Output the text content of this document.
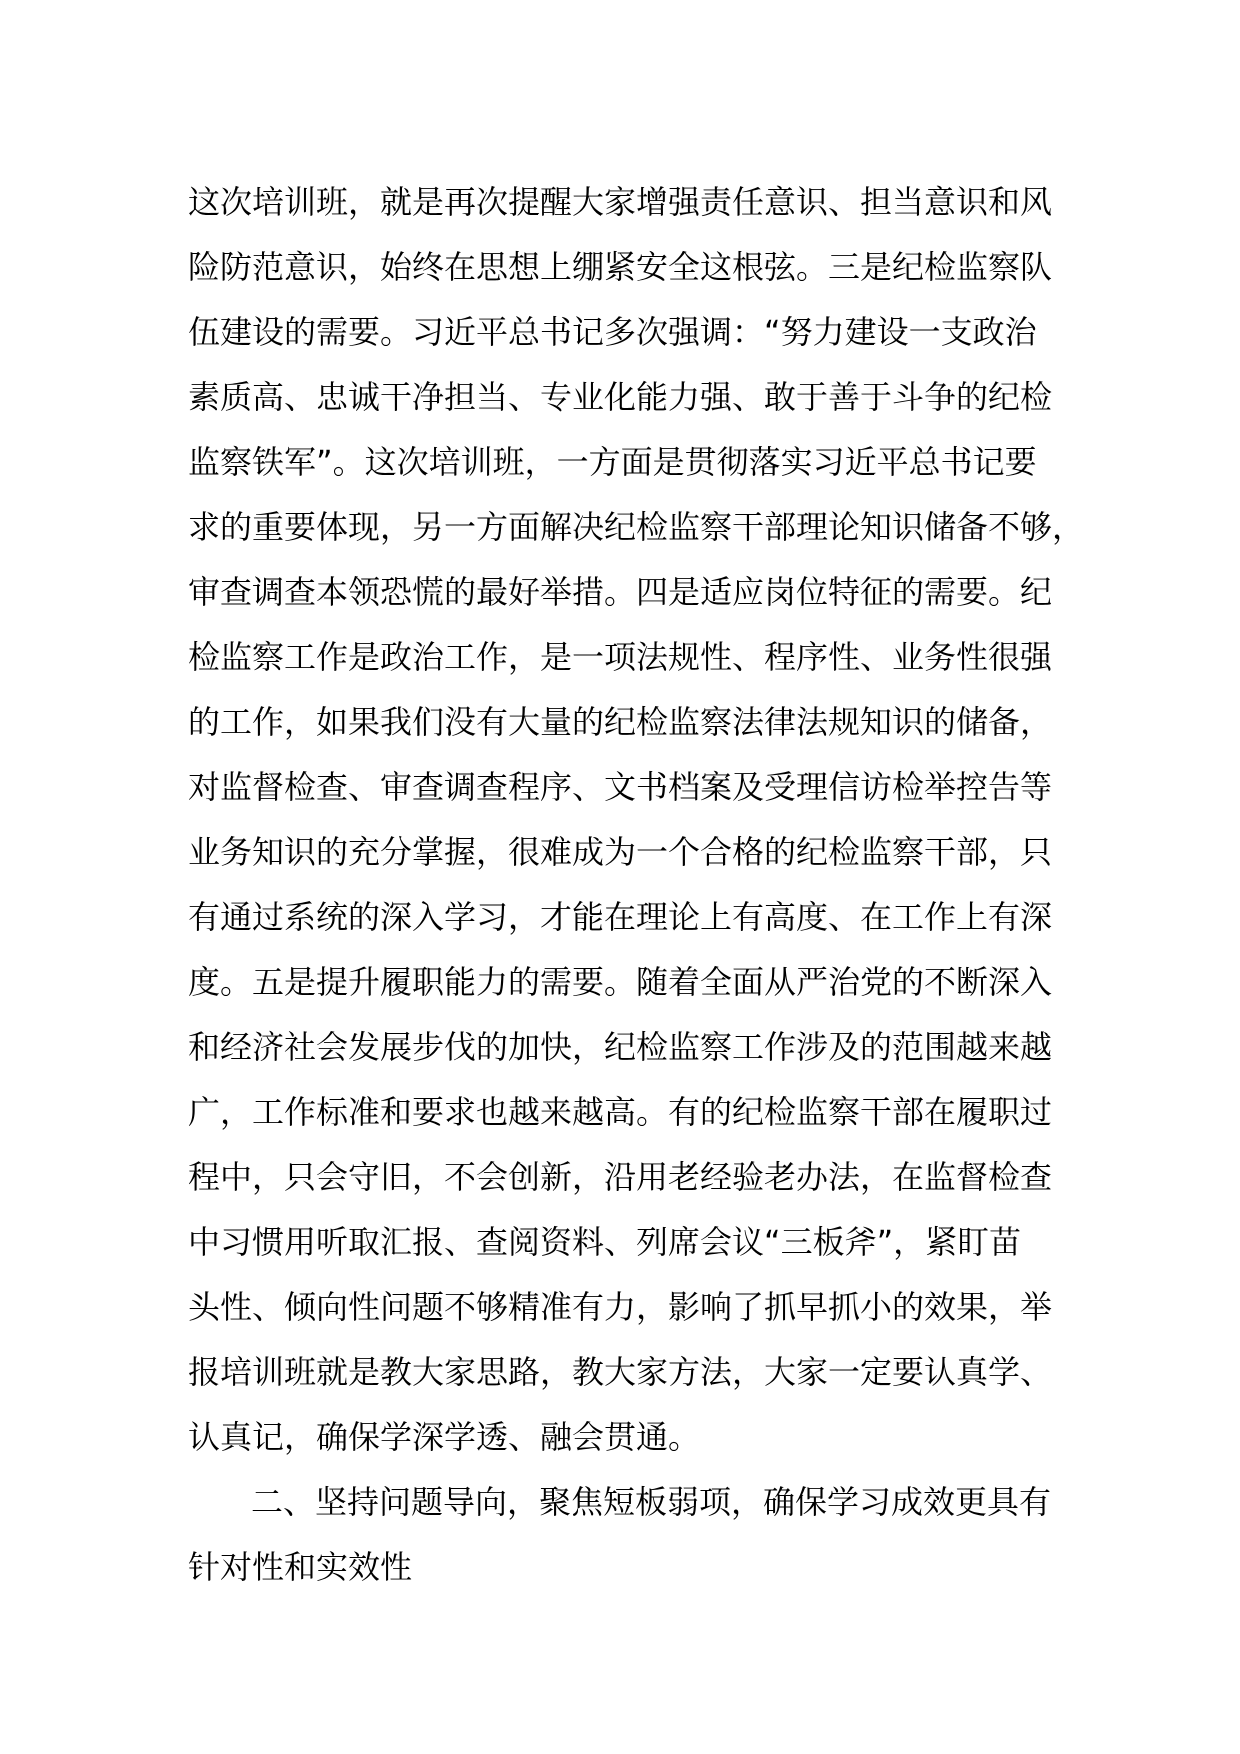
这次培训班，就是再次提醒大家增强责任意识、担当意识和风
险防范意识，始终在思想上绷紧安全这根弦。三是纪检监察队
伍建设的需要。习近平总书记多次强调：“努力建设一支政治
素质高、忠诚干净担当、专业化能力强、敢于善于斗争的纪检
监察铁军”。这次培训班，一方面是贯彻落实习近平总书记要
求的重要体现，另一方面解决纪检监察干部理论知识储备不够，
审查调查本领恐慌的最好举措。四是适应岗位特征的需要。纪
检监察工作是政治工作，是一项法规性、程序性、业务性很强
的工作，如果我们没有大量的纪检监察法律法规知识的储备，
对监督检查、审查调查程序、文书档案及受理信访检举控告等
业务知识的充分掌握，很难成为一个合格的纪检监察干部，只
有通过系统的深入学习，才能在理论上有高度、在工作上有深
度。五是提升履职能力的需要。随着全面从严治党的不断深入
和经济社会发展步伐的加快，纪检监察工作涉及的范围越来越
广，工作标准和要求也越来越高。有的纪检监察干部在履职过
程中，只会守旧，不会创新，沿用老经验老办法，在监督检查
中习惯用听取汇报、查阅资料、列席会议“三板斧”，紧盯苗
头性、倾向性问题不够精准有力，影响了抓早抓小的效果，举
报培训班就是教大家思路，教大家方法，大家一定要认真学、
认真记，确保学深学透、融会贯通。
二、坚持问题导向，聚焦短板弱项，确保学习成效更具有
针对性和实效性
